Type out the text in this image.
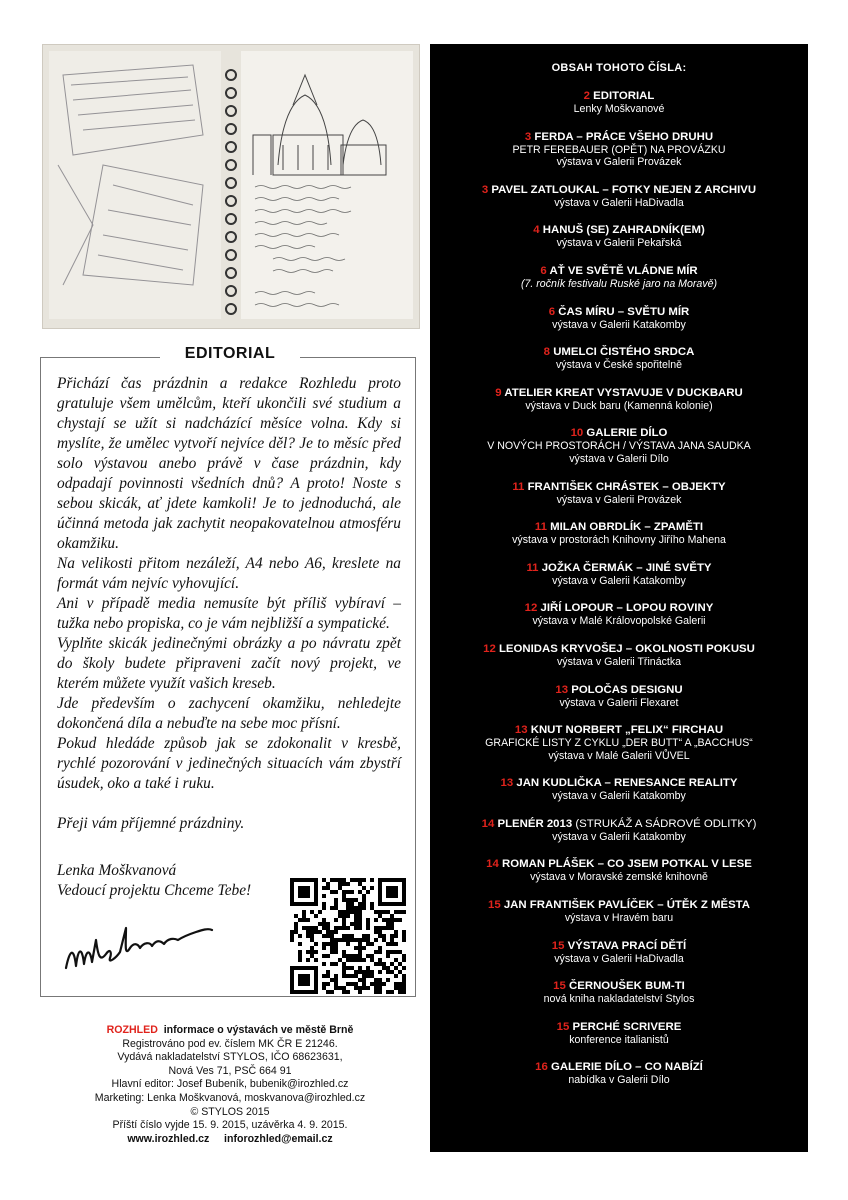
EDITORIAL

Přichází čas prázdnin a redakce Rozhledu proto gratuluje všem umělcům, kteří ukončili své studium a chystají se užít si nadcházící měsíce volna. Kdy si myslíte, že umělec vytvoří nejvíce děl? Je to měsíc před solo výstavou anebo právě v čase prázdnin, kdy odpadají povinnosti všedních dnů? A proto! Noste s sebou skicák, ať jdete kamkoli! Je to jednoduchá, ale účinná metoda jak zachytit neopakovatelnou atmosféru okamžiku.

Na velikosti přitom nezáleží, A4 nebo A6, kreslete na formát vám nejvíc vyhovující.

Ani v případě media nemusíte být příliš vybíraví – tužka nebo propiska, co je vám nejbližší a sympatické.

Vyplňte skicák jedinečnými obrázky a po návratu zpět do školy budete připraveni začít nový projekt, ve kterém můžete využít vašich kreseb.

Jde především o zachycení okamžiku, nehledejte dokončená díla a nebuďte na sebe moc přísní.

Pokud hledáde způsob jak se zdokonalit v kresbě, rychlé pozorování v jedinečných situacích vám zbystří úsudek, oko a také i ruku.

Přeji vám příjemné prázdniny.

Lenka Moškvanová
Vedoucí projektu Chceme Tebe!
ROZHLED informace o výstavách ve městě Brně
Registrováno pod ev. číslem MK ČR E 21246.
Vydává nakladatelství STYLOS, IČO 68623631,
Nová Ves 71, PSČ 664 91
Hlavní editor: Josef Bubeník, bubenik@irozhled.cz
Marketing: Lenka Moškvanová, moskvanova@irozhled.cz
© STYLOS 2015
Příští číslo vyjde 15. 9. 2015, uzávěrka 4. 9. 2015.
www.irozhled.cz inforozhled@email.cz
OBSAH TOHOTO ČÍSLA:
2 EDITORIAL
Lenky Moškvanové
3 FERDA – PRÁCE VŠEHO DRUHU
PETR FEREBAUER (OPĚT) NA PROVÁZKU
výstava v Galerii Provázek
3 PAVEL ZATLOUKAL – FOTKY NEJEN Z ARCHIVU
výstava v Galerii HaDivadla
4 HANUŠ (SE) ZAHRADNÍK(EM)
výstava v Galerii Pekařská
6 AŤ VE SVĚTĚ VLÁDNE MÍR
(7. ročník festivalu Ruské jaro na Moravě)
6 ČAS MÍRU – SVĚTU MÍR
výstava v Galerii Katakomby
8 UMELCI ČISTÉHO SRDCA
výstava v České spořitelně
9 ATELIER KREAT VYSTAVUJE V DUCKBARU
výstava v Duck baru (Kamenná kolonie)
10 GALERIE DÍLO
V NOVÝCH PROSTORÁCH / VÝSTAVA JANA SAUDKA
výstava v Galerii Dílo
11 FRANTIŠEK CHRÁSTEK – OBJEKTY
výstava v Galerii Provázek
11 MILAN OBRDLÍK – ZPAMĚTI
výstava v prostorách Knihovny Jiřího Mahena
11 JOŽKA ČERMÁK – JINÉ SVĚTY
výstava v Galerii Katakomby
12 JIŘÍ LOPOUR – LOPOU ROVINY
výstava v Malé Královopolské Galerii
12 LEONIDAS KRYVOŠEJ – OKOLNOSTI POKUSU
výstava v Galerii Třináctka
13 POLOČAS DESIGNU
výstava v Galerii Flexaret
13 KNUT NORBERT „FELIX“ FIRCHAU
GRAFICKÉ LISTY Z CYKLU „DER BUTT“ A „BACCHUS“
výstava v Malé Galerii VŮVEL
13 JAN KUDLIČKA – RENESANCE REALITY
výstava v Galerii Katakomby
14 PLENÉR 2013 (STRUKÁŽ A SÁDROVÉ ODLITKY)
výstava v Galerii Katakomby
14 ROMAN PLÁŠEK – CO JSEM POTKAL V LESE
výstava v Moravské zemské knihovně
15 JAN FRANTIŠEK PAVLÍČEK – ÚTĚK Z MĚSTA
výstava v Hravém baru
15 VÝSTAVA PRACÍ DĚTÍ
výstava v Galerii HaDivadla
15 ČERNOUŠEK BUM-TI
nová kniha nakladatelství Stylos
15 PERCHÉ SCRIVERE
konference italianistů
16 GALERIE DÍLO – CO NABÍZÍ
nabídka v Galerii Dílo
